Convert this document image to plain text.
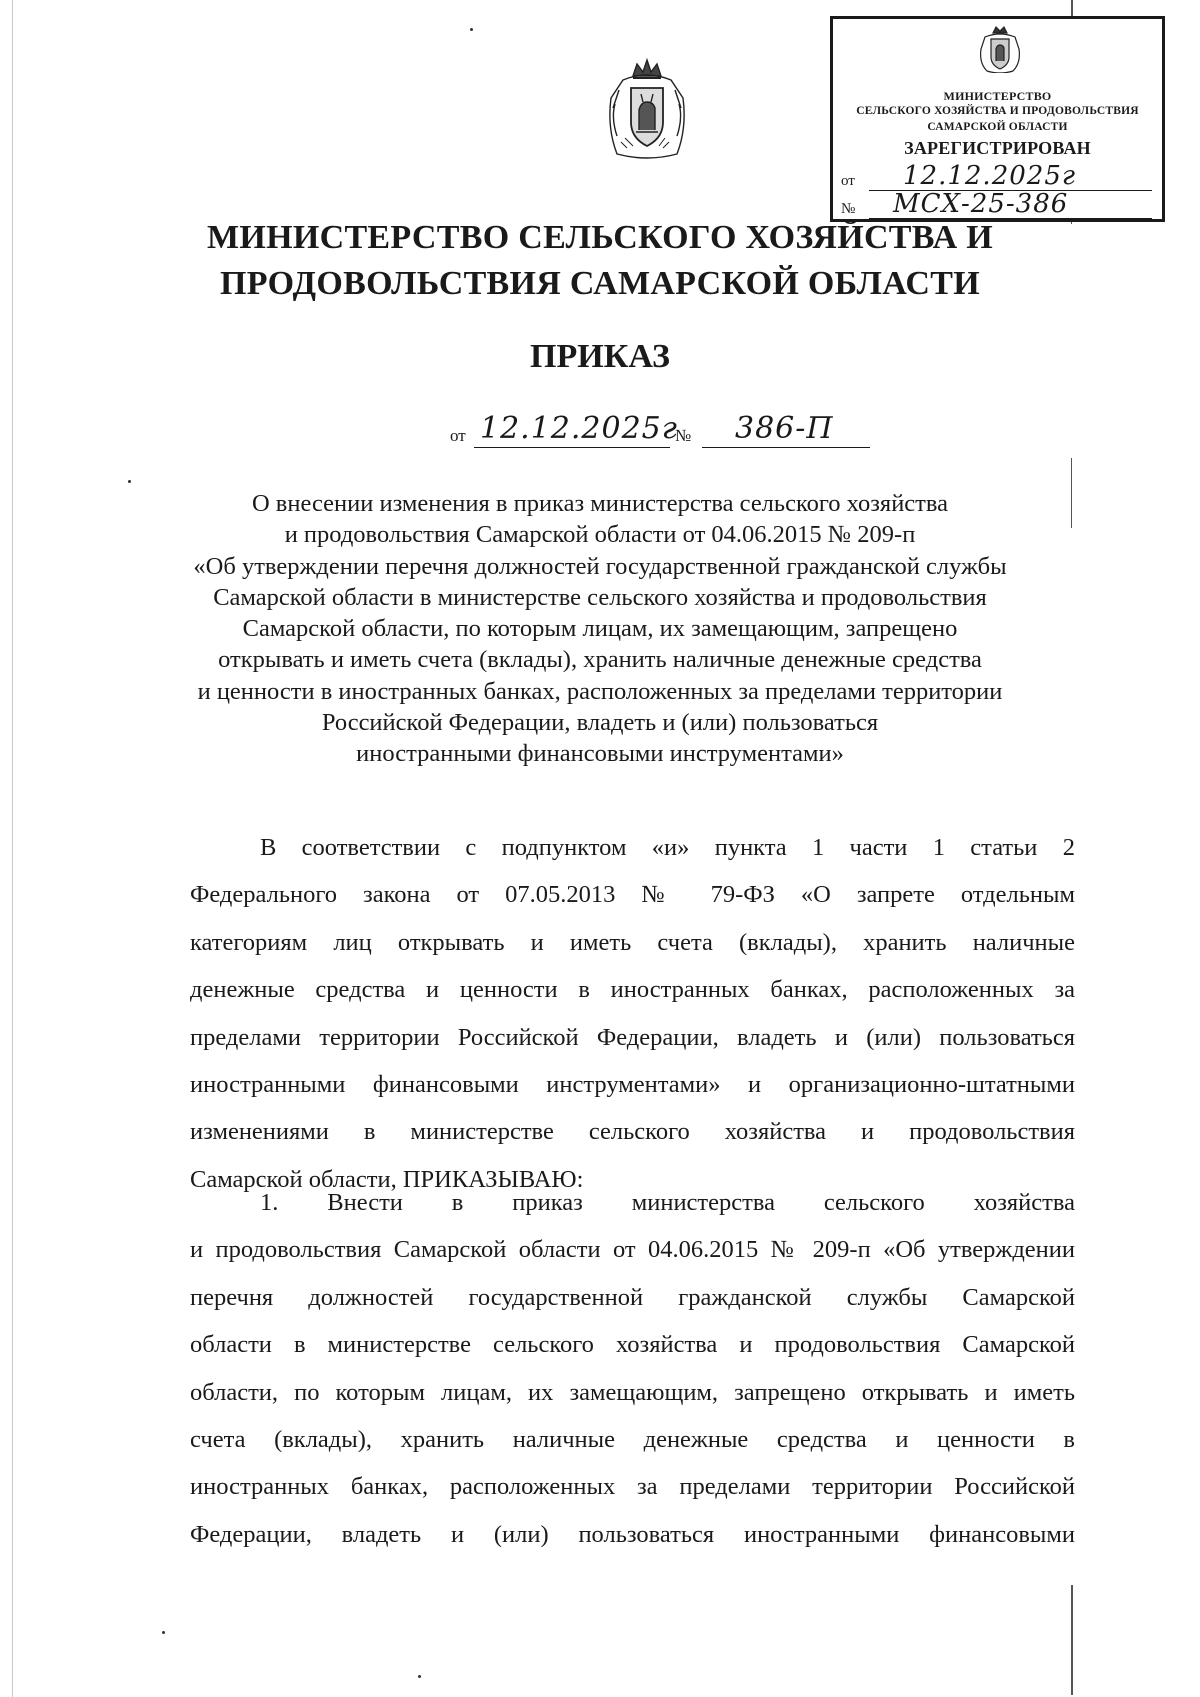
МИНИСТЕРСТВО
СЕЛЬСКОГО ХОЗЯЙСТВА И ПРОДОВОЛЬСТВИЯ
САМАРСКОЙ ОБЛАСТИ
ЗАРЕГИСТРИРОВАН
от 12.12.2025г
№ МСХ-25-386
МИНИСТЕРСТВО СЕЛЬСКОГО ХОЗЯЙСТВА И
ПРОДОВОЛЬСТВИЯ САМАРСКОЙ ОБЛАСТИ
ПРИКАЗ
от 12.12.2025г
№ 386-П
О внесении изменения в приказ министерства сельского хозяйства
и продовольствия Самарской области от 04.06.2015 № 209-п
«Об утверждении перечня должностей государственной гражданской службы
Самарской области в министерстве сельского хозяйства и продовольствия
Самарской области, по которым лицам, их замещающим, запрещено
открывать и иметь счета (вклады), хранить наличные денежные средства
и ценности в иностранных банках, расположенных за пределами территории
Российской Федерации, владеть и (или) пользоваться
иностранными финансовыми инструментами»
В соответствии с подпунктом «и» пункта 1 части 1 статьи 2
Федерального закона от 07.05.2013 № 79-ФЗ «О запрете отдельным
категориям лиц открывать и иметь счета (вклады), хранить наличные
денежные средства и ценности в иностранных банках, расположенных за
пределами территории Российской Федерации, владеть и (или) пользоваться
иностранными финансовыми инструментами» и организационно-штатными
изменениями в министерстве сельского хозяйства и продовольствия
Самарской области, ПРИКАЗЫВАЮ:
1. Внести в приказ министерства сельского хозяйства
и продовольствия Самарской области от 04.06.2015 № 209-п «Об утверждении
перечня должностей государственной гражданской службы Самарской
области в министерстве сельского хозяйства и продовольствия Самарской
области, по которым лицам, их замещающим, запрещено открывать и иметь
счета (вклады), хранить наличные денежные средства и ценности в
иностранных банках, расположенных за пределами территории Российской
Федерации, владеть и (или) пользоваться иностранными финансовыми
